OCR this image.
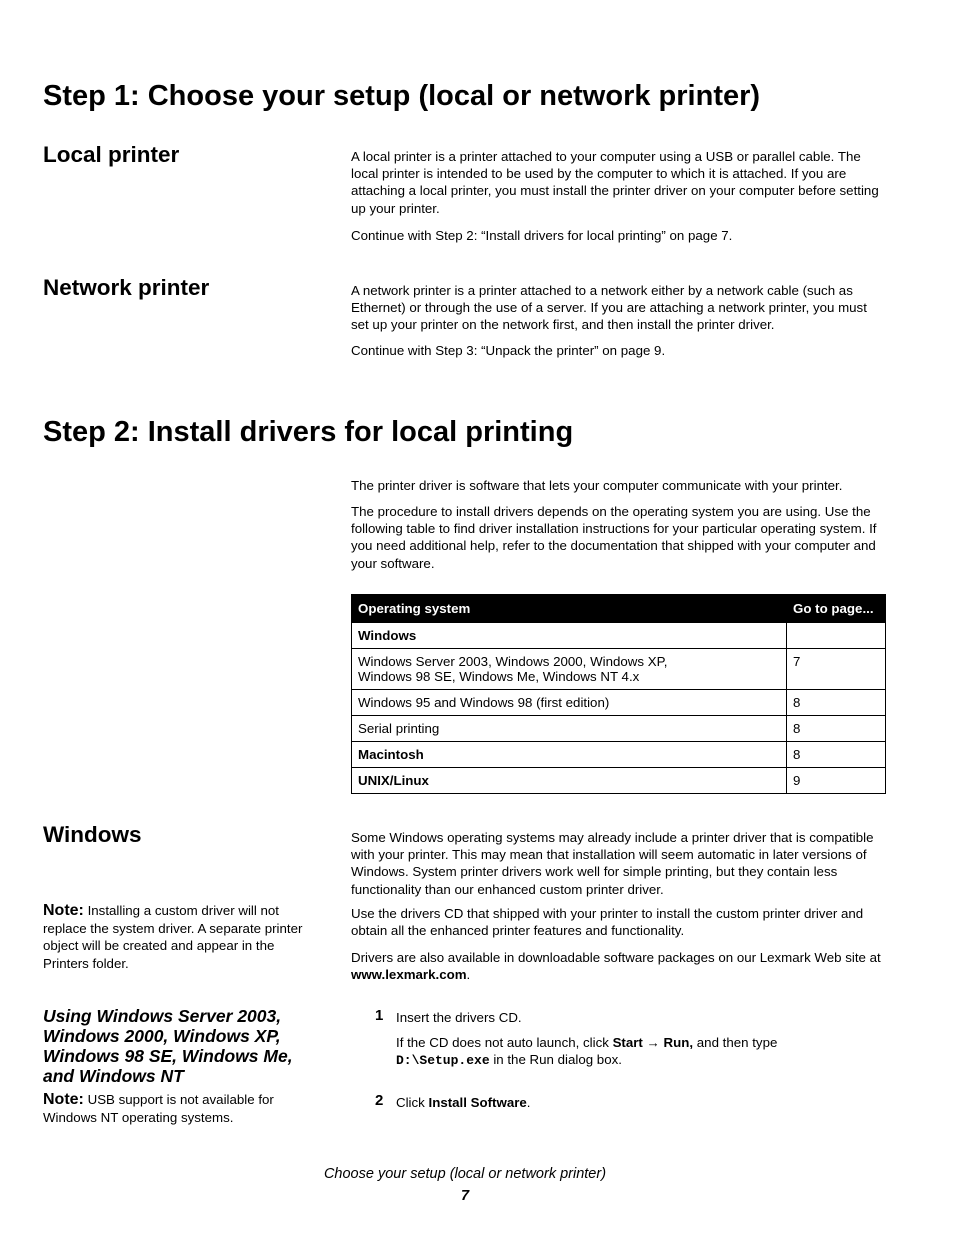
Step 1: Choose your setup (local or network printer)
Local printer	A local printer is a printer attached to your computer using a USB or parallel cable. The local printer is intended to be used by the computer to which it is attached. If you are attaching a local printer, you must install the printer driver on your computer before setting up your printer.

Continue with Step 2: “Install drivers for local printing” on page 7.

Network printer	A network printer is a printer attached to a network either by a network cable (such as Ethernet) or through the use of a server. If you are attaching a network printer, you must set up your printer on the network first, and then install the printer driver.

Continue with Step 3: “Unpack the printer” on page 9.

Step 2: Install drivers for local printing

The printer driver is software that lets your computer communicate with your printer.

The procedure to install drivers depends on the operating system you are using. Use the following table to find driver installation instructions for your particular operating system. If you need additional help, refer to the documentation that shipped with your computer and your software.

Operating system	Go to page...
Windows	
Windows Server 2003, Windows 2000, Windows XP, Windows 98 SE, Windows Me, Windows NT 4.x	7
Windows 95 and Windows 98 (first edition)	8
Serial printing	8
Macintosh	8
UNIX/Linux	9
Windows	Some Windows operating systems may already include a printer driver that is compatible with your printer. This may mean that installation will seem automatic in later versions of Windows. System printer drivers work well for simple printing, but they contain less functionality than our enhanced custom printer driver.

Note: Installing a custom driver will not replace the system driver. A separate printer object will be created and appear in the Printers folder.

Use the drivers CD that shipped with your printer to install the custom printer driver and obtain all the enhanced printer features and functionality.

Drivers are also available in downloadable software packages on our Lexmark Web site at www.lexmark.com.

Using Windows Server 2003, Windows 2000, Windows XP, Windows 98 SE, Windows Me, and Windows NT

Note: USB support is not available for Windows NT operating systems.

1 Insert the drivers CD.

If the CD does not auto launch, click Start → Run, and then type
D:\Setup.exe in the Run dialog box.

2 Click Install Software.

Choose your setup (local or network printer)
7
